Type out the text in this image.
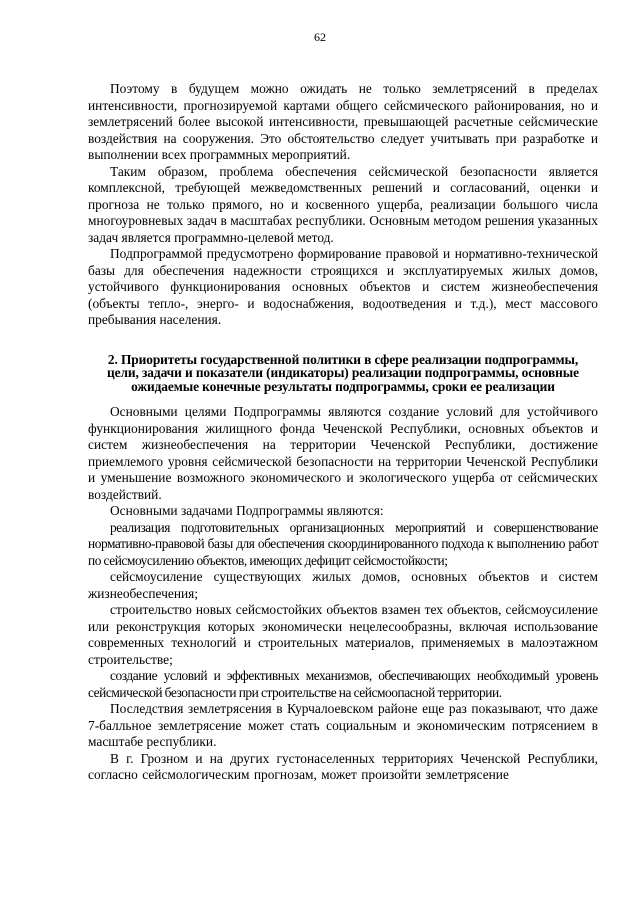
62

Поэтому в будущем можно ожидать не только землетрясений в пределах интенсивности, прогнозируемой картами общего сейсмического районирования, но и землетрясений более высокой интенсивности, превышающей расчетные сейсмические воздействия на сооружения. Это обстоятельство следует учитывать при разработке и выполнении всех программных мероприятий.

Таким образом, проблема обеспечения сейсмической безопасности является комплексной, требующей межведомственных решений и согласований, оценки и прогноза не только прямого, но и косвенного ущерба, реализации большого числа многоуровневых задач в масштабах республики. Основным методом решения указанных задач является программно-целевой метод.

Подпрограммой предусмотрено формирование правовой и нормативно-технической базы для обеспечения надежности строящихся и эксплуатируемых жилых домов, устойчивого функционирования основных объектов и систем жизнеобеспечения (объекты тепло-, энерго- и водоснабжения, водоотведения и т.д.), мест массового пребывания населения.

2. Приоритеты государственной политики в сфере реализации подпрограммы, цели, задачи и показатели (индикаторы) реализации подпрограммы, основные ожидаемые конечные результаты подпрограммы, сроки ее реализации

Основными целями Подпрограммы являются создание условий для устойчивого функционирования жилищного фонда Чеченской Республики, основных объектов и систем жизнеобеспечения на территории Чеченской Республики, достижение приемлемого уровня сейсмической безопасности на территории Чеченской Республики и уменьшение возможного экономического и экологического ущерба от сейсмических воздействий.

Основными задачами Подпрограммы являются:

реализация подготовительных организационных мероприятий и совершенствование нормативно-правовой базы для обеспечения скоординированного подхода к выполнению работ по сейсмоусилению объектов, имеющих дефицит сейсмостойкости;

сейсмоусиление существующих жилых домов, основных объектов и систем жизнеобеспечения;

строительство новых сейсмостойких объектов взамен тех объектов, сейсмоусиление или реконструкция которых экономически нецелесообразны, включая использование современных технологий и строительных материалов, применяемых в малоэтажном строительстве;

создание условий и эффективных механизмов, обеспечивающих необходимый уровень сейсмической безопасности при строительстве на сейсмоопасной территории.

Последствия землетрясения в Курчалоевском районе еще раз показывают, что даже 7-балльное землетрясение может стать социальным и экономическим потрясением в масштабе республики.

В г. Грозном и на других густонаселенных территориях Чеченской Республики, согласно сейсмологическим прогнозам, может произойти землетрясение
